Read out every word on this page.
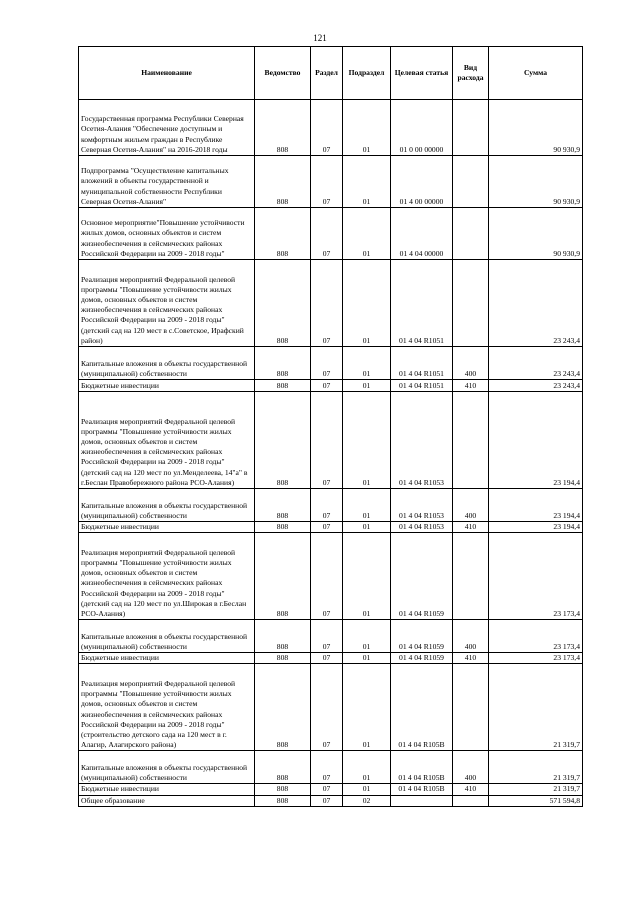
121
Наименование	Ведомство	Раздел	Подраздел	Целевая статья	Вид расхода	Сумма
Государственная программа Республики Северная Осетия-Алания "Обеспечение доступным и комфортным жильем граждан в Республике Северная Осетия-Алания" на 2016-2018 годы	808	07	01	01 0 00 00000		90 930,9
Подпрограмма "Осуществление капитальных вложений в объекты государственной и муниципальной собственности Республики Северная Осетия-Алания"	808	07	01	01 4 00 00000		90 930,9
Основное мероприятие"Повышение устойчивости жилых домов, основных объектов и систем жизнеобеспечения в сейсмических районах Российской Федерации на 2009 - 2018 годы"	808	07	01	01 4 04 00000		90 930,9
Реализация мероприятий Федеральной целевой программы "Повышение устойчивости жилых домов, основных объектов и систем жизнеобеспечения в сейсмических районах Российской Федерации на 2009 - 2018 годы" (детский сад на 120 мест в с.Советское, Ирафский район)	808	07	01	01 4 04 R1051		23 243,4
Капитальные вложения в объекты государственной (муниципальной) собственности	808	07	01	01 4 04 R1051	400	23 243,4
Бюджетные инвестиции	808	07	01	01 4 04 R1051	410	23 243,4
Реализация мероприятий Федеральной целевой программы "Повышение устойчивости жилых домов, основных объектов и систем жизнеобеспечения в сейсмических районах Российской Федерации на 2009 - 2018 годы" (детский сад на 120 мест по ул.Менделеева, 14"а" в г.Беслан Правобережного района РСО-Алания)	808	07	01	01 4 04 R1053		23 194,4
Капитальные вложения в объекты государственной (муниципальной) собственности	808	07	01	01 4 04 R1053	400	23 194,4
Бюджетные инвестиции	808	07	01	01 4 04 R1053	410	23 194,4
Реализация мероприятий Федеральной целевой программы "Повышение устойчивости жилых домов, основных объектов и систем жизнеобеспечения в сейсмических районах Российской Федерации на 2009 - 2018 годы" (детский сад на 120 мест по ул.Широкая в г.Беслан РСО-Алания)	808	07	01	01 4 04 R1059		23 173,4
Капитальные вложения в объекты государственной (муниципальной) собственности	808	07	01	01 4 04 R1059	400	23 173,4
Бюджетные инвестиции	808	07	01	01 4 04 R1059	410	23 173,4
Реализация мероприятий Федеральной целевой программы "Повышение устойчивости жилых домов, основных объектов и систем жизнеобеспечения в сейсмических районах Российской Федерации на 2009 - 2018 годы" (строительство детского сада на 120 мест в г. Алагир, Алагирского района)	808	07	01	01 4 04 R105В		21 319,7
Капитальные вложения в объекты государственной (муниципальной) собственности	808	07	01	01 4 04 R105В	400	21 319,7
Бюджетные инвестиции	808	07	01	01 4 04 R105В	410	21 319,7
Общее образование	808	07	02			571 594,8
